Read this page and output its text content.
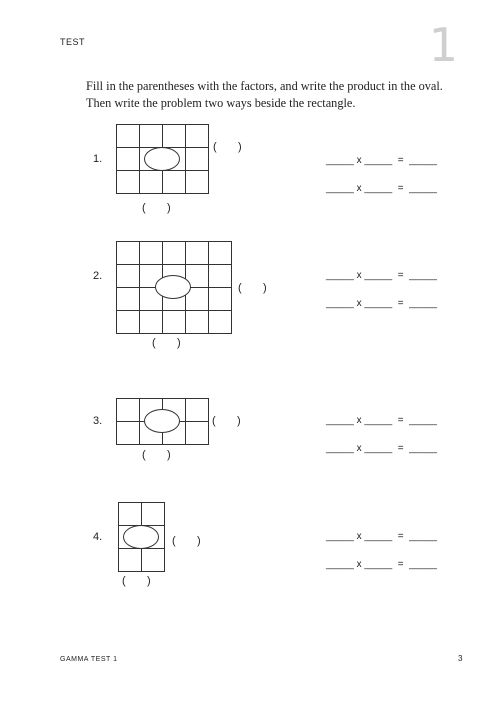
TEST	1
Fill in the parentheses with the factors, and write the product in the oval. Then write the problem two ways beside the rectangle.
1.

(       )
(       )
_____ x _____  =  _____
_____ x _____  =  _____
2.

(       )
(       )
_____ x _____  =  _____
_____ x _____  =  _____
3.

				(       )
(       )
_____ x _____  =  _____
_____ x _____  =  _____
4.

		(       )
(       )
_____ x _____  =  _____
_____ x _____  =  _____
GAMMA TEST 1	3
